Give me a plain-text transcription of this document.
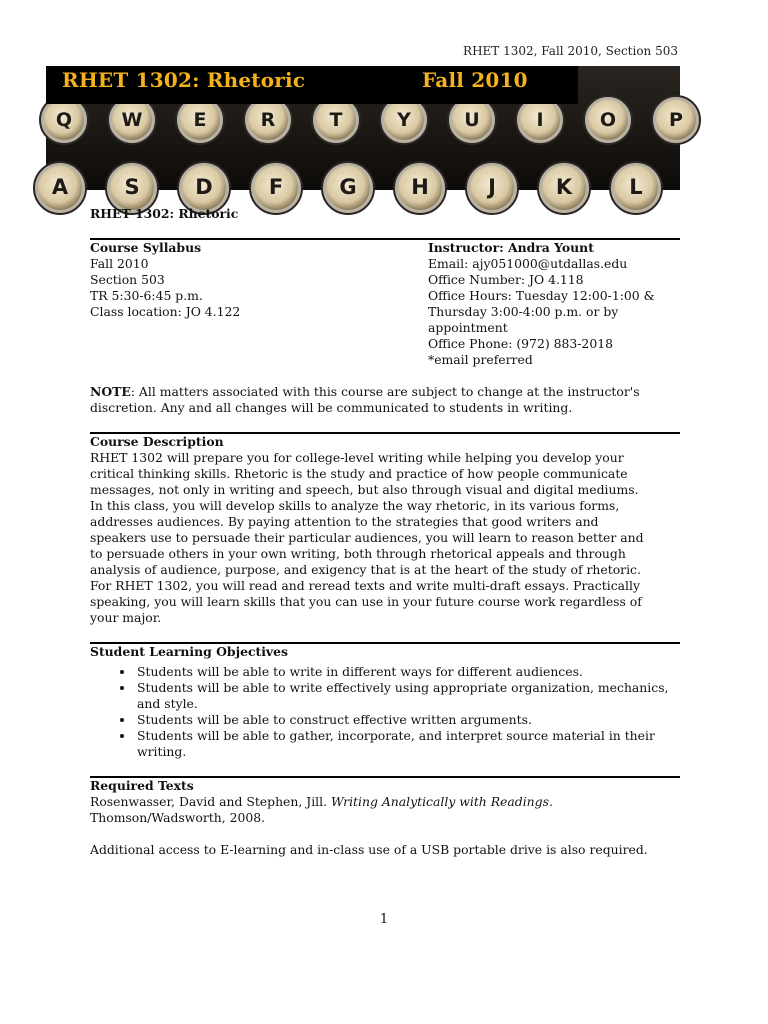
RHET 1302, Fall 2010, Section 503
Q	W	E	R	T	Y	U	I	O	P
A	S	D	F	G	H	J	K	L
RHET 1302: Rhetoric	Fall 2010
RHET 1302: Rhetoric
Course Syllabus
Fall 2010
Section 503
TR 5:30-6:45 p.m.
Class location: JO 4.122
Instructor: Andra Yount
Email: ajy051000@utdallas.edu
Office Number: JO 4.118
Office Hours: Tuesday 12:00-1:00 &
Thursday 3:00-4:00 p.m. or by
appointment
Office Phone: (972) 883-2018
*email preferred
NOTE: All matters associated with this course are subject to change at the instructor's
discretion. Any and all changes will be communicated to students in writing.
Course Description
RHET 1302 will prepare you for college-level writing while helping you develop your
critical thinking skills. Rhetoric is the study and practice of how people communicate
messages, not only in writing and speech, but also through visual and digital mediums.
In this class, you will develop skills to analyze the way rhetoric, in its various forms,
addresses audiences. By paying attention to the strategies that good writers and
speakers use to persuade their particular audiences, you will learn to reason better and
to persuade others in your own writing, both through rhetorical appeals and through
analysis of audience, purpose, and exigency that is at the heart of the study of rhetoric.
For RHET 1302, you will read and reread texts and write multi-draft essays. Practically
speaking, you will learn skills that you can use in your future course work regardless of
your major.
Student Learning Objectives
• Students will be able to write in different ways for different audiences.
• Students will be able to write effectively using appropriate organization, mechanics, and style.
• Students will be able to construct effective written arguments.
• Students will be able to gather, incorporate, and interpret source material in their writing.
Required Texts
Rosenwasser, David and Stephen, Jill. Writing Analytically with Readings.
Thomson/Wadsworth, 2008.

Additional access to E-learning and in-class use of a USB portable drive is also required.

1
